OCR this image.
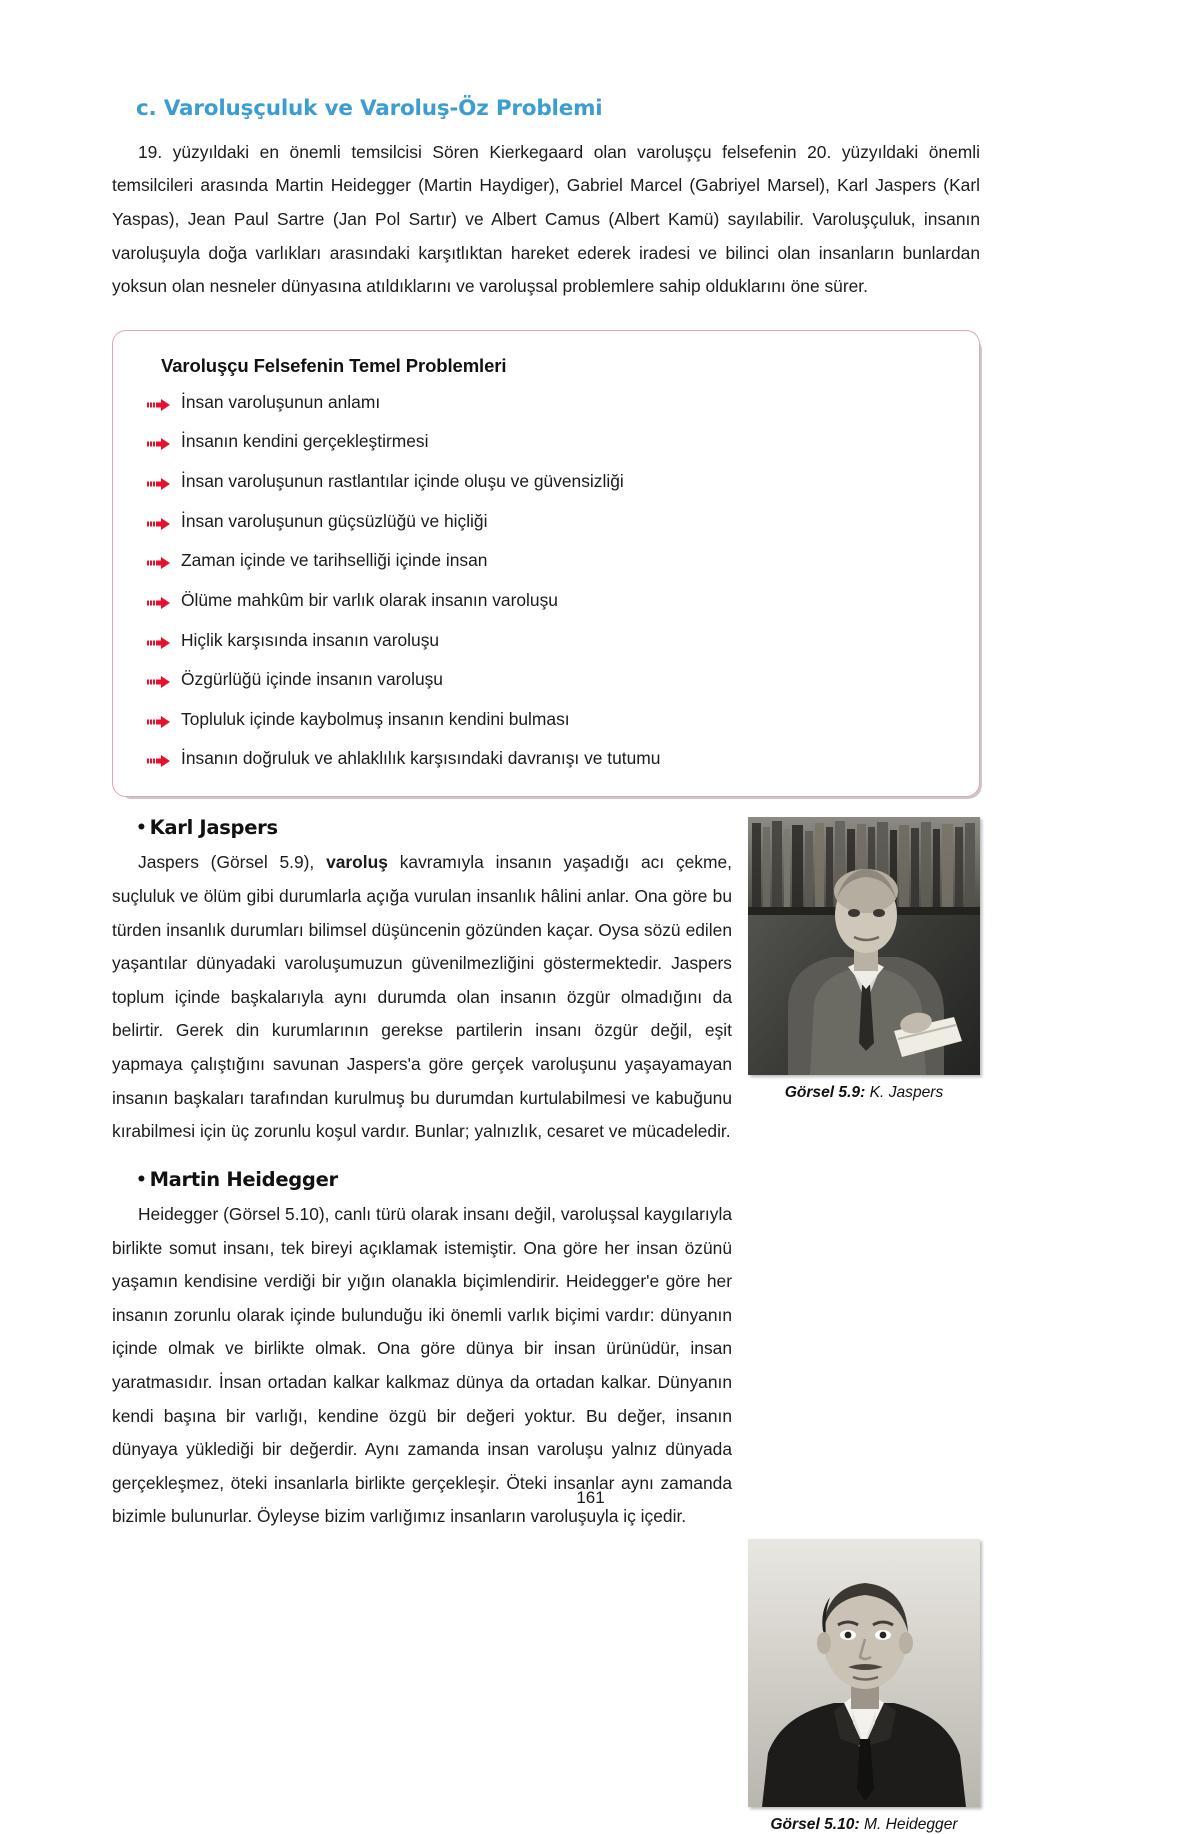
c. Varoluşçuluk ve Varoluş-Öz Problemi

19. yüzyıldaki en önemli temsilcisi Sören Kierkegaard olan varoluşçu felsefenin 20. yüzyıldaki önemli temsilcileri arasında Martin Heidegger (Martin Haydiger), Gabriel Marcel (Gabriyel Marsel), Karl Jaspers (Karl Yaspas), Jean Paul Sartre (Jan Pol Sartır) ve Albert Camus (Albert Kamü) sayılabilir. Varoluşçuluk, insanın varoluşuyla doğa varlıkları arasındaki karşıtlıktan hareket ederek iradesi ve bilinci olan insanların bunlardan yoksun olan nesneler dünyasına atıldıklarını ve varoluşsal problemlere sahip olduklarını öne sürer.

Varoluşçu Felsefenin Temel Problemleri
İnsan varoluşunun anlamı
İnsanın kendini gerçekleştirmesi
İnsan varoluşunun rastlantılar içinde oluşu ve güvensizliği
İnsan varoluşunun güçsüzlüğü ve hiçliği
Zaman içinde ve tarihselliği içinde insan
Ölüme mahkûm bir varlık olarak insanın varoluşu
Hiçlik karşısında insanın varoluşu
Özgürlüğü içinde insanın varoluşu
Topluluk içinde kaybolmuş insanın kendini bulması
İnsanın doğruluk ve ahlaklılık karşısındaki davranışı ve tutumu
• Karl Jaspers

Jaspers (Görsel 5.9), varoluş kavramıyla insanın yaşadığı acı çekme, suçluluk ve ölüm gibi durumlarla açığa vurulan insanlık hâlini anlar. Ona göre bu türden insanlık durumları bilimsel düşüncenin gözünden kaçar. Oysa sözü edilen yaşantılar dünyadaki varoluşumuzun güvenilmezliğini göstermektedir. Jaspers toplum içinde başkalarıyla aynı durumda olan insanın özgür olmadığını da belirtir. Gerek din kurumlarının gerekse partilerin insanı özgür değil, eşit yapmaya çalıştığını savunan Jaspers'a göre gerçek varoluşunu yaşayamayan insanın başkaları tarafından kurulmuş bu durumdan kurtulabilmesi ve kabuğunu kırabilmesi için üç zorunlu koşul vardır. Bunlar; yalnızlık, cesaret ve mücadeledir.

Görsel 5.9: K. Jaspers
• Martin Heidegger

Heidegger (Görsel 5.10), canlı türü olarak insanı değil, varoluşsal kaygılarıyla birlikte somut insanı, tek bireyi açıklamak istemiştir. Ona göre her insan özünü yaşamın kendisine verdiği bir yığın olanakla biçimlendirir. Heidegger'e göre her insanın zorunlu olarak içinde bulunduğu iki önemli varlık biçimi vardır: dünyanın içinde olmak ve birlikte olmak. Ona göre dünya bir insan ürünüdür, insan yaratmasıdır. İnsan ortadan kalkar kalkmaz dünya da ortadan kalkar. Dünyanın kendi başına bir varlığı, kendine özgü bir değeri yoktur. Bu değer, insanın dünyaya yüklediği bir değerdir. Aynı zamanda insan varoluşu yalnız dünyada gerçekleşmez, öteki insanlarla birlikte gerçekleşir. Öteki insanlar aynı zamanda bizimle bulunurlar. Öyleyse bizim varlığımız insanların varoluşuyla iç içedir.

Görsel 5.10: M. Heidegger
161
